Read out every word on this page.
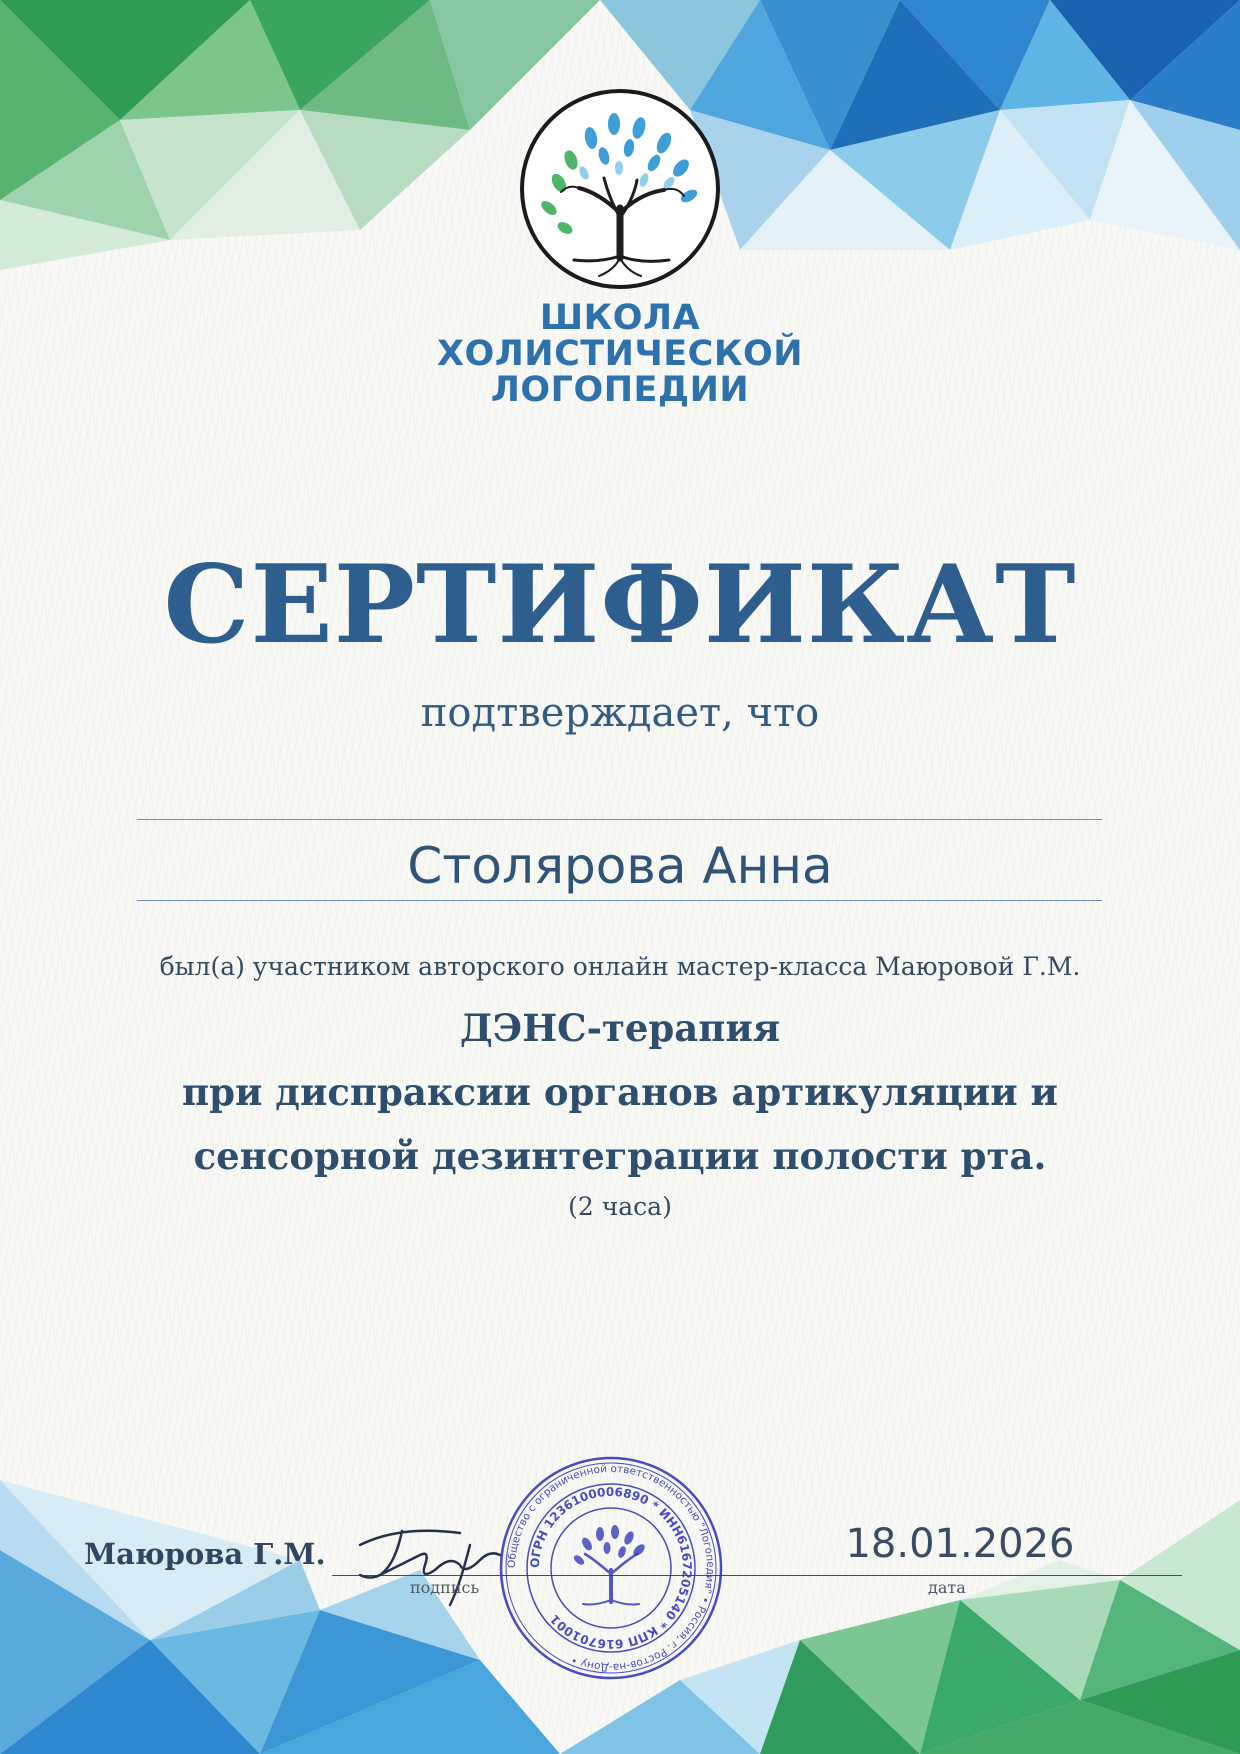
ШКОЛА
ХОЛИСТИЧЕСКОЙ
ЛОГОПЕДИИ
СЕРТИФИКАТ
подтверждает, что
Столярова Анна
был(а) участником авторского онлайн мастер-класса Маюровой Г.М.
ДЭНС-терапия
при диспраксии органов артикуляции и
сенсорной дезинтеграции полости рта.
(2 часа)
Маюрова Г.М.
подпись
18.01.2026
дата
Общество с ограниченной ответственностью "Логопедия" • Россия, г. Ростов-на-Дону •
ОГРН 1236100006890 * ИНН6167205140 * КПП 616701001
